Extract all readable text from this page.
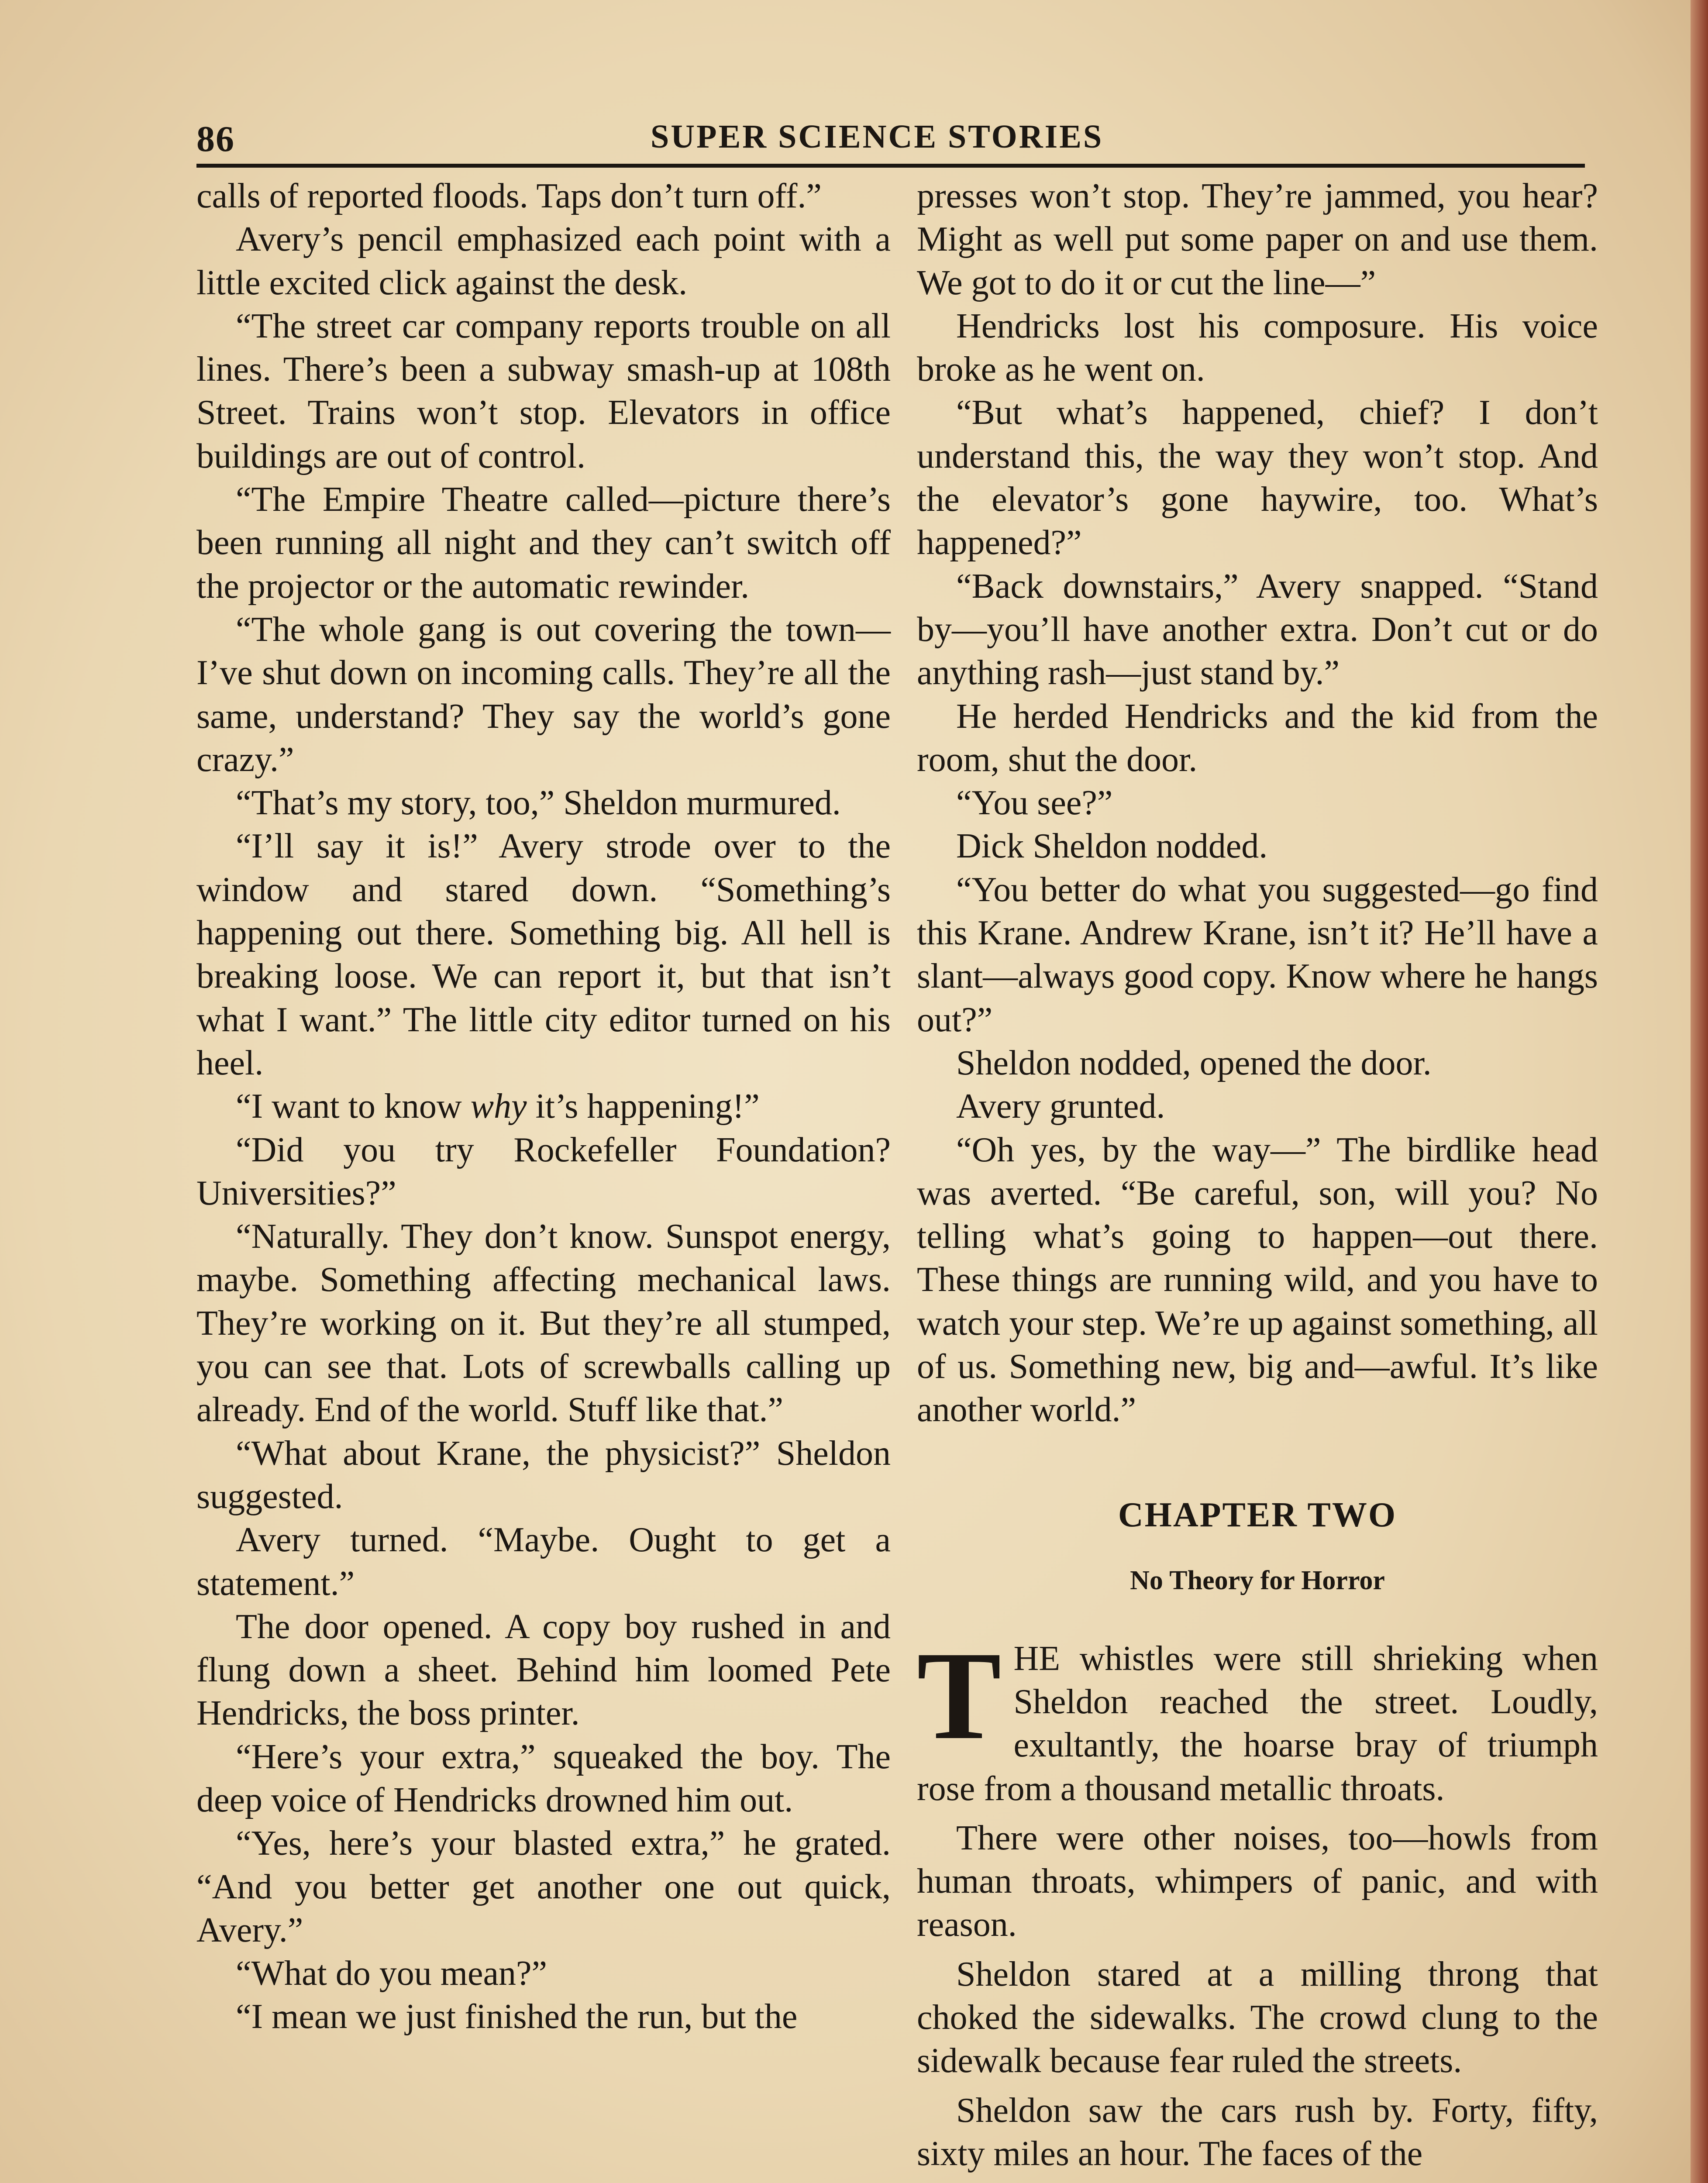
86	SUPER SCIENCE STORIES

calls of reported floods. Taps don’t turn off.”

Avery’s pencil emphasized each point with a little excited click against the desk.

“The street car company reports trouble on all lines. There’s been a subway smash-up at 108th Street. Trains won’t stop. Elevators in office buildings are out of control.

“The Empire Theatre called—picture there’s been running all night and they can’t switch off the projector or the automatic rewinder.

“The whole gang is out covering the town—I’ve shut down on incoming calls. They’re all the same, understand? They say the world’s gone crazy.”

“That’s my story, too,” Sheldon murmured.

“I’ll say it is!” Avery strode over to the window and stared down. “Something’s happening out there. Something big. All hell is breaking loose. We can report it, but that isn’t what I want.” The little city editor turned on his heel.

“I want to know why it’s happening!”

“Did you try Rockefeller Foundation? Universities?”

“Naturally. They don’t know. Sunspot energy, maybe. Something affecting mechanical laws. They’re working on it. But they’re all stumped, you can see that. Lots of screwballs calling up already. End of the world. Stuff like that.”

“What about Krane, the physicist?” Sheldon suggested.

Avery turned. “Maybe. Ought to get a statement.”

The door opened. A copy boy rushed in and flung down a sheet. Behind him loomed Pete Hendricks, the boss printer.

“Here’s your extra,” squeaked the boy. The deep voice of Hendricks drowned him out.

“Yes, here’s your blasted extra,” he grated. “And you better get another one out quick, Avery.”

“What do you mean?”

“I mean we just finished the run, but the

presses won’t stop. They’re jammed, you hear? Might as well put some paper on and use them. We got to do it or cut the line—”

Hendricks lost his composure. His voice broke as he went on.

“But what’s happened, chief? I don’t understand this, the way they won’t stop. And the elevator’s gone haywire, too. What’s happened?”

“Back downstairs,” Avery snapped. “Stand by—you’ll have another extra. Don’t cut or do anything rash—just stand by.”

He herded Hendricks and the kid from the room, shut the door.

“You see?”

Dick Sheldon nodded.

“You better do what you suggested—go find this Krane. Andrew Krane, isn’t it? He’ll have a slant—always good copy. Know where he hangs out?”

Sheldon nodded, opened the door.

Avery grunted.

“Oh yes, by the way—” The birdlike head was averted. “Be careful, son, will you? No telling what’s going to happen—out there. These things are running wild, and you have to watch your step. We’re up against something, all of us. Something new, big and—awful. It’s like another world.”

CHAPTER TWO
No Theory for Horror

THE whistles were still shrieking when Sheldon reached the street. Loudly, exultantly, the hoarse bray of triumph rose from a thousand metallic throats.

There were other noises, too—howls from human throats, whimpers of panic, and with reason.

Sheldon stared at a milling throng that choked the sidewalks. The crowd clung to the sidewalk because fear ruled the streets.

Sheldon saw the cars rush by. Forty, fifty, sixty miles an hour. The faces of the
